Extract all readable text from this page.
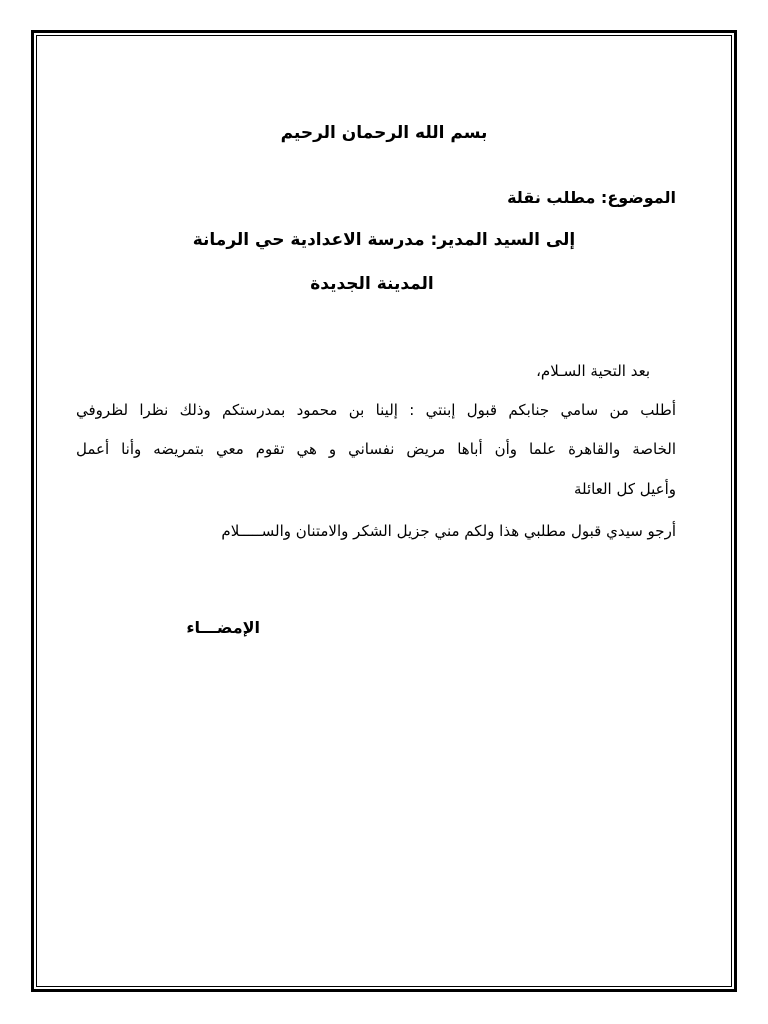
بسم الله الرحمان الرحيم
الموضوع: مطلب نقلة
إلى السيد المدير: مدرسة الاعدادية حي الرمانة
المدينة الجديدة
بعد التحية السـلام،
أطلب من سامي جنابكم قبول إبنتي : إلينا بن محمود بمدرستكم وذلك نظرا لظروفي
الخاصة والقاهرة علما وأن أباها مريض نفساني و هي تقوم معي بتمريضه وأنا أعمل
وأعيل كل العائلة
أرجو سيدي قبول مطلبي هذا ولكم مني جزيل الشكر والامتنان والســـــلام
الإمضـــاء
